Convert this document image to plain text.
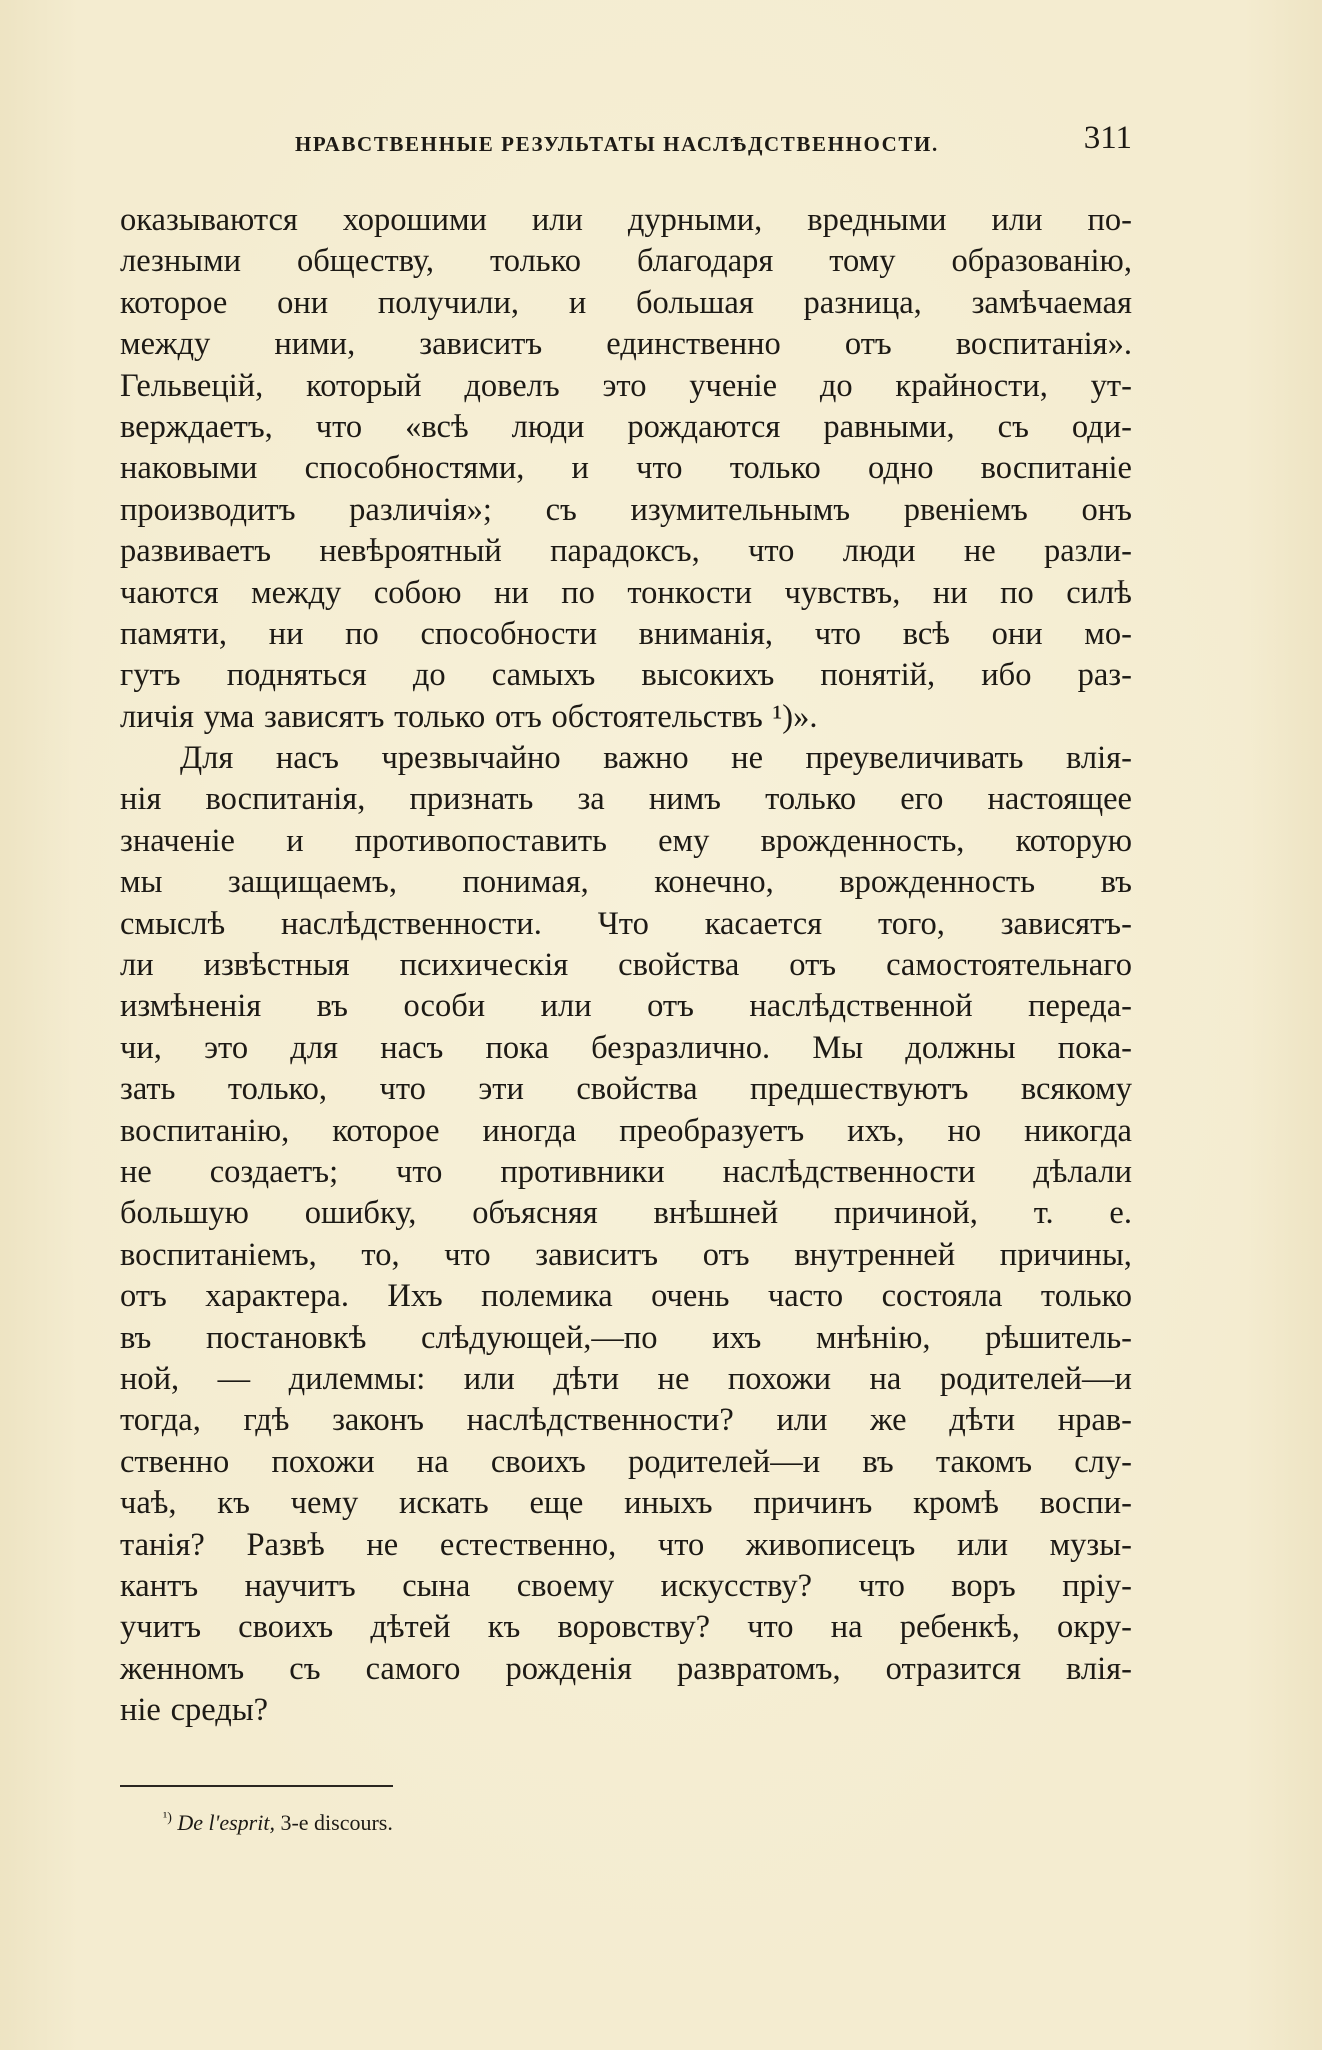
НРАВСТВЕННЫЕ РЕЗУЛЬТАТЫ НАСЛѢДСТВЕННОСТИ.	311
оказываются хорошими или дурными, вредными или по-
лезными обществу, только благодаря тому образованію,
которое они получили, и большая разница, замѣчаемая
между ними, зависитъ единственно отъ воспитанія».
Гельвецій, который довелъ это ученіе до крайности, ут-
верждаетъ, что «всѣ люди рождаются равными, съ оди-
наковыми способностями, и что только одно воспитаніе
производитъ различія»; съ изумительнымъ рвеніемъ онъ
развиваетъ невѣроятный парадоксъ, что люди не разли-
чаются между собою ни по тонкости чувствъ, ни по силѣ
памяти, ни по способности вниманія, что всѣ они мо-
гутъ подняться до самыхъ высокихъ понятій, ибо раз-
личія ума зависятъ только отъ обстоятельствъ ¹)».
Для насъ чрезвычайно важно не преувеличивать влія-
нія воспитанія, признать за нимъ только его настоящее
значеніе и противопоставить ему врожденность, которую
мы защищаемъ, понимая, конечно, врожденность въ
смыслѣ наслѣдственности. Что касается того, зависятъ-
ли извѣстныя психическія свойства отъ самостоятельнаго
измѣненія въ особи или отъ наслѣдственной переда-
чи, это для насъ пока безразлично. Мы должны пока-
зать только, что эти свойства предшествуютъ всякому
воспитанію, которое иногда преобразуетъ ихъ, но никогда
не создаетъ; что противники наслѣдственности дѣлали
большую ошибку, объясняя внѣшней причиной, т. е.
воспитаніемъ, то, что зависитъ отъ внутренней причины,
отъ характера. Ихъ полемика очень часто состояла только
въ постановкѣ слѣдующей,—по ихъ мнѣнію, рѣшитель-
ной, — дилеммы: или дѣти не похожи на родителей—и
тогда, гдѣ законъ наслѣдственности? или же дѣти нрав-
ственно похожи на своихъ родителей—и въ такомъ слу-
чаѣ, къ чему искать еще иныхъ причинъ кромѣ воспи-
танія? Развѣ не естественно, что живописецъ или музы-
кантъ научитъ сына своему искусству? что воръ пріу-
учитъ своихъ дѣтей къ воровству? что на ребенкѣ, окру-
женномъ съ самого рожденія развратомъ, отразится влія-
ніе среды?
$^{^1)}$ De l'esprit, 3-e discours.
